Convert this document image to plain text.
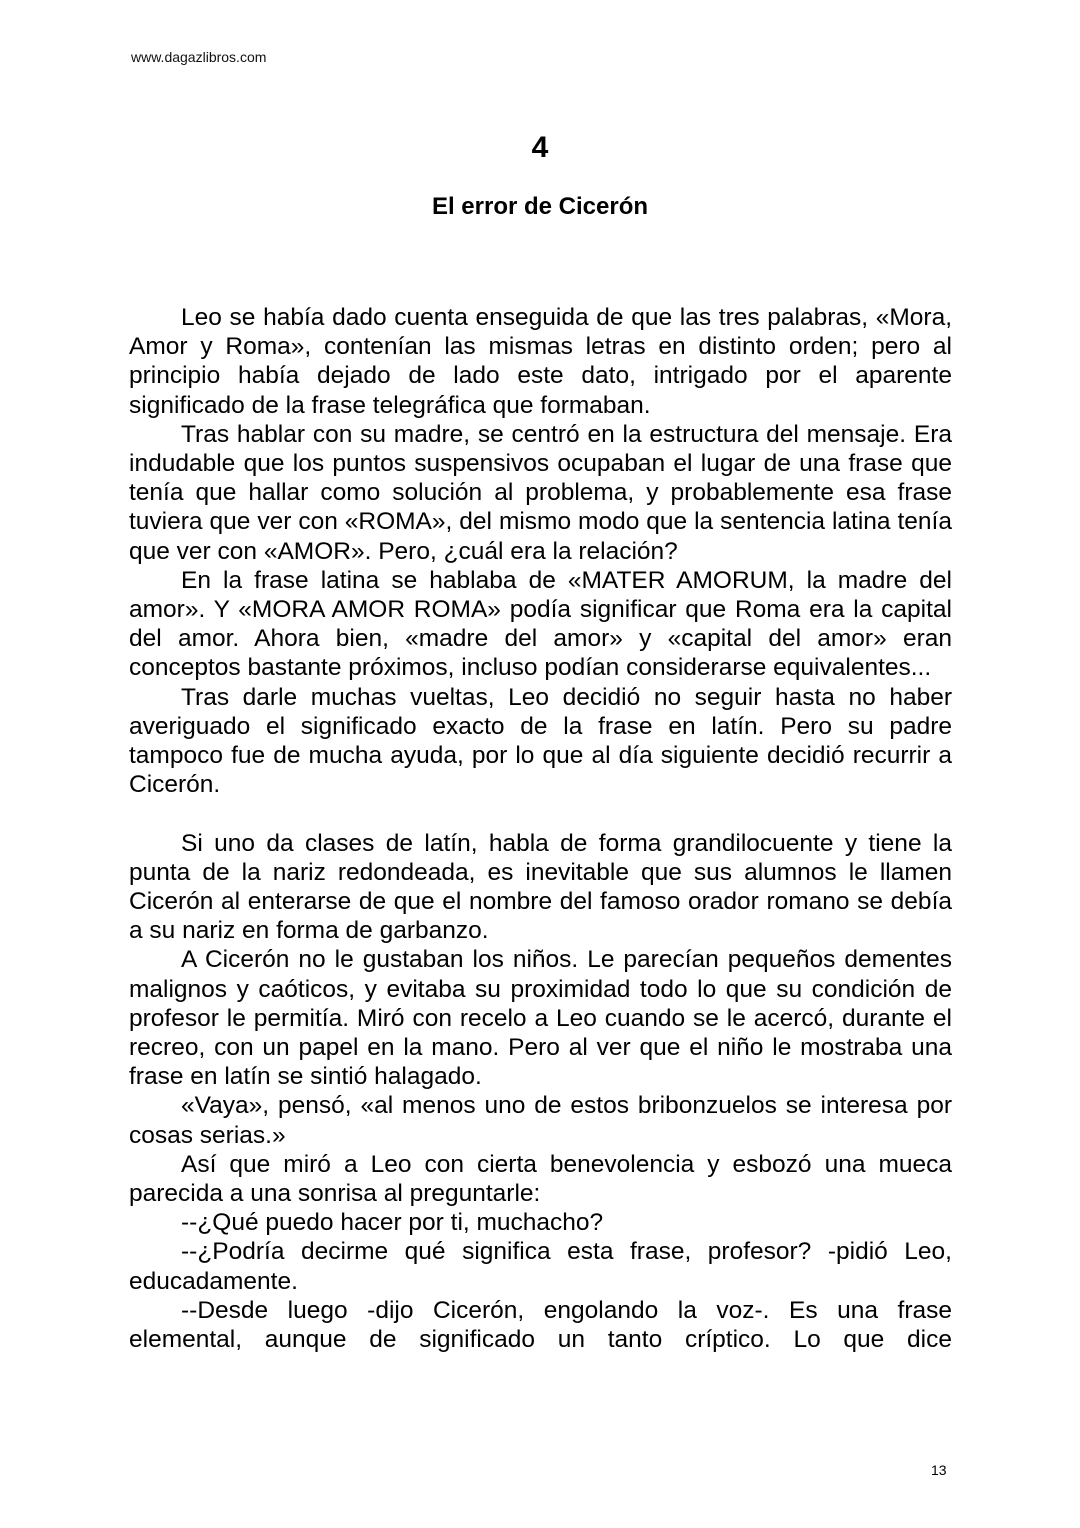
www.dagazlibros.com
4
El error de Cicerón

Leo se había dado cuenta enseguida de que las tres palabras, «Mora, Amor y Roma», contenían las mismas letras en distinto orden; pero al principio había dejado de lado este dato, intrigado por el aparente significado de la frase telegráfica que formaban.

Tras hablar con su madre, se centró en la estructura del mensaje. Era indudable que los puntos suspensivos ocupaban el lugar de una frase que tenía que hallar como solución al problema, y probablemente esa frase tuviera que ver con «ROMA», del mismo modo que la sentencia latina tenía que ver con «AMOR». Pero, ¿cuál era la relación?

En la frase latina se hablaba de «MATER AMORUM, la madre del amor». Y «MORA AMOR ROMA» podía significar que Roma era la capital del amor. Ahora bien, «madre del amor» y «capital del amor» eran conceptos bastante próximos, incluso podían considerarse equivalentes...

Tras darle muchas vueltas, Leo decidió no seguir hasta no haber averiguado el significado exacto de la frase en latín. Pero su padre tampoco fue de mucha ayuda, por lo que al día siguiente decidió recurrir a Cicerón.

Si uno da clases de latín, habla de forma grandilocuente y tiene la punta de la nariz redondeada, es inevitable que sus alumnos le llamen Cicerón al enterarse de que el nombre del famoso orador romano se debía a su nariz en forma de garbanzo.

A Cicerón no le gustaban los niños. Le parecían pequeños dementes malignos y caóticos, y evitaba su proximidad todo lo que su condición de profesor le permitía. Miró con recelo a Leo cuando se le acercó, durante el recreo, con un papel en la mano. Pero al ver que el niño le mostraba una frase en latín se sintió halagado.

«Vaya», pensó, «al menos uno de estos bribonzuelos se interesa por cosas serias.»

Así que miró a Leo con cierta benevolencia y esbozó una mueca parecida a una sonrisa al preguntarle:

--¿Qué puedo hacer por ti, muchacho?

--¿Podría decirme qué significa esta frase, profesor? -pidió Leo, educadamente.

--Desde luego -dijo Cicerón, engolando la voz-. Es una frase elemental, aunque de significado un tanto críptico. Lo que dice

13
